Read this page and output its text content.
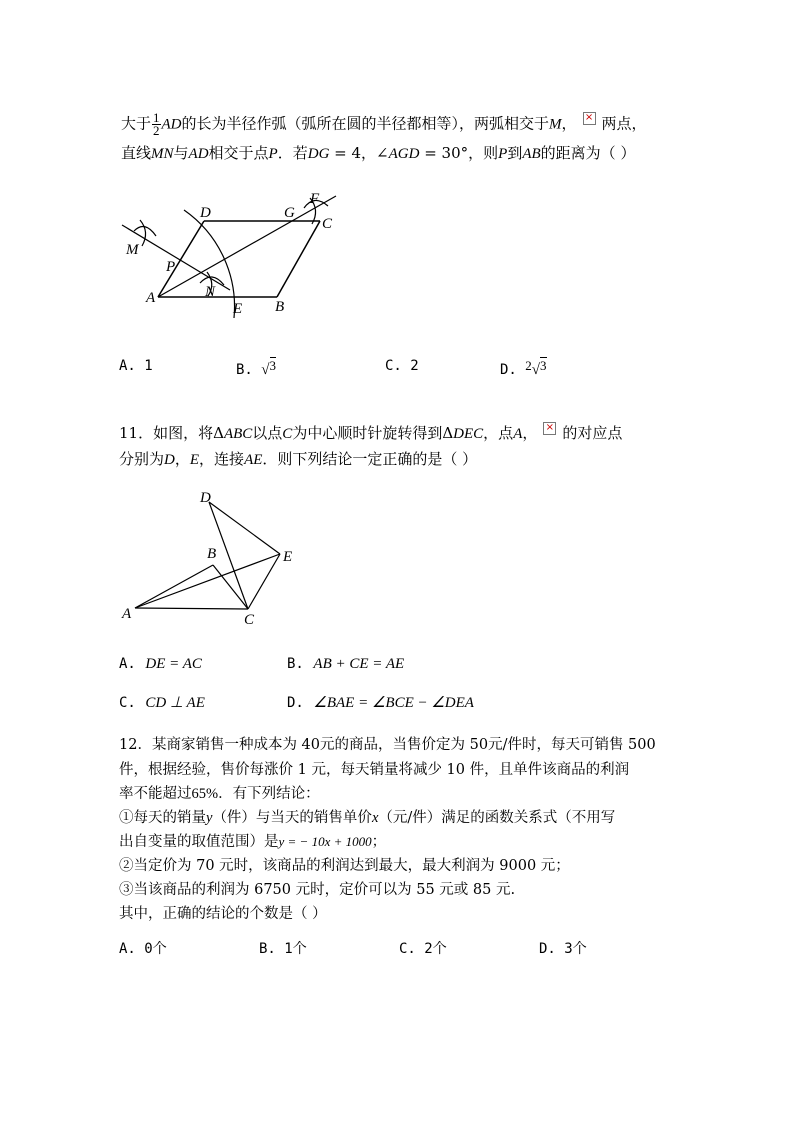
大于 $\frac{1}{2}$ AD的长为半径作弧（弧所在圆的半径都相等），两弧相交于M， × 两点，
直线MN与AD相交于点P．若DG = 4，∠AGD = 30°，则P到AB的距离为（ ）
D	G
F
C
M
P
N
A
E B
A. 1	B. √3	C. 2	D. 2√3
11．如图，将ΔABC以点C为中心顺时针旋转得到ΔDEC，点A， × 的对应点
分别为D，E，连接AE．则下列结论一定正确的是（ ）
D
B	E
A	C
A. DE = AC	B. AB + CE = AE
C. CD ⊥ AE	D. ∠BAE = ∠BCE − ∠DEA
12．某商家销售一种成本为 40元的商品，当售价定为 50元/件时，每天可销售 500
件，根据经验，售价每涨价 1 元，每天销量将减少 10 件，且单件该商品的利润
率不能超过65%．有下列结论：
①每天的销量y（件）与当天的销售单价x（元/件）满足的函数关系式（不用写
出自变量的取值范围）是y = − 10x + 1000；
②当定价为 70 元时，该商品的利润达到最大，最大利润为 9000 元；
③当该商品的利润为 6750 元时，定价可以为 55 元或 85 元.
其中，正确的结论的个数是（ ）
A. 0个	B. 1个	C. 2个	D. 3个
